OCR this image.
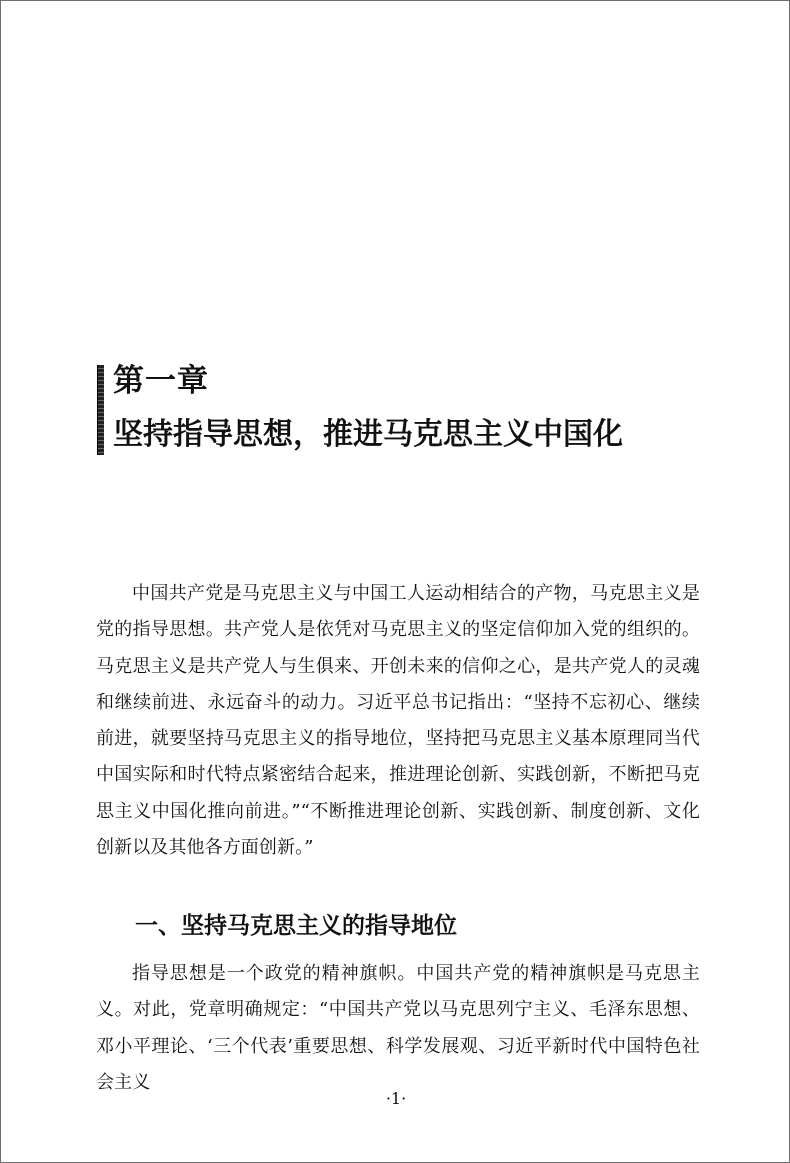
第一章
坚持指导思想，推进马克思主义中国化

中国共产党是马克思主义与中国工人运动相结合的产物，马克思主义是党的指导思想。共产党人是依凭对马克思主义的坚定信仰加入党的组织的。马克思主义是共产党人与生俱来、开创未来的信仰之心，是共产党人的灵魂和继续前进、永远奋斗的动力。习近平总书记指出：“坚持不忘初心、继续前进，就要坚持马克思主义的指导地位，坚持把马克思主义基本原理同当代中国实际和时代特点紧密结合起来，推进理论创新、实践创新，不断把马克思主义中国化推向前进。”“不断推进理论创新、实践创新、制度创新、文化创新以及其他各方面创新。”

一、坚持马克思主义的指导地位

指导思想是一个政党的精神旗帜。中国共产党的精神旗帜是马克思主义。对此，党章明确规定：“中国共产党以马克思列宁主义、毛泽东思想、邓小平理论、‘三个代表’重要思想、科学发展观、习近平新时代中国特色社会主义

·1·
